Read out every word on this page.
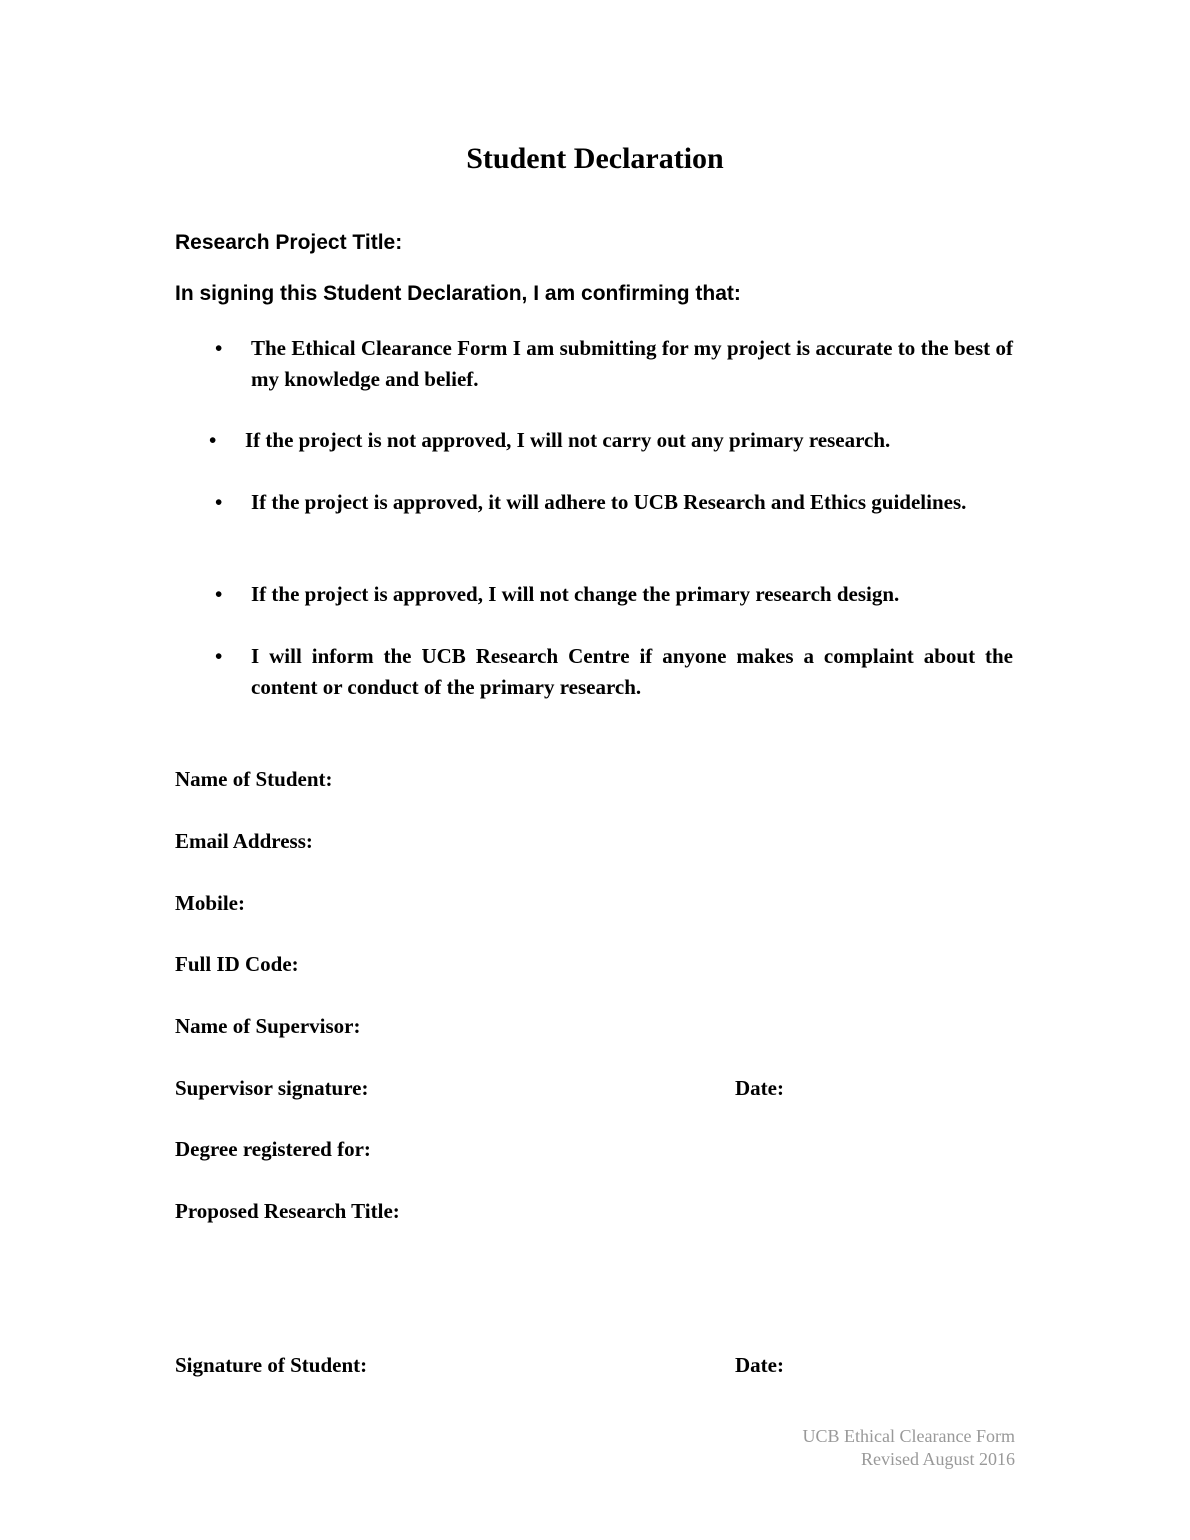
Student Declaration
Research Project Title:
In signing this Student Declaration, I am confirming that:
• The Ethical Clearance Form I am submitting for my project is accurate to the best of my knowledge and belief.
• If the project is not approved, I will not carry out any primary research.
• If the project is approved, it will adhere to UCB Research and Ethics guidelines.
• If the project is approved, I will not change the primary research design.
• I will inform the UCB Research Centre if anyone makes a complaint about the content or conduct of the primary research.
Name of Student:
Email Address:
Mobile:
Full ID Code:
Name of Supervisor:
Supervisor signature:	Date:
Degree registered for:
Proposed Research Title:
Signature of Student:	Date:
UCB Ethical Clearance Form
Revised August 2016
